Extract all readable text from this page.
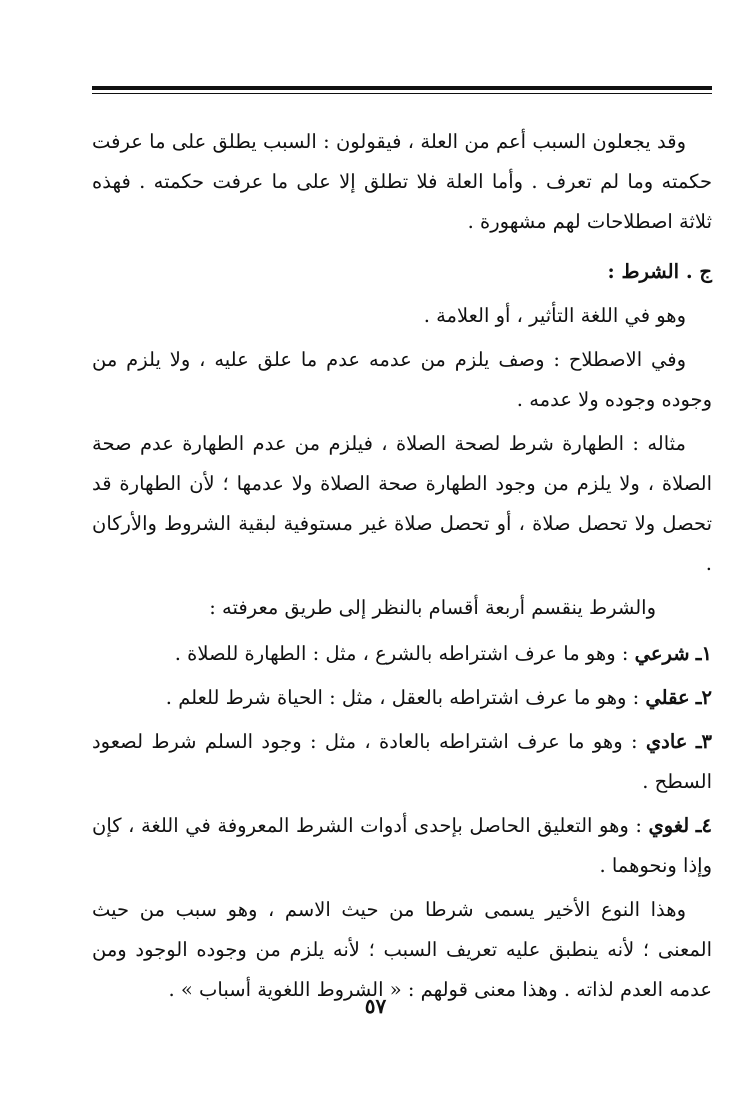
وقد يجعلون السبب أعم من العلة ، فيقولون : السبب يطلق على ما عرفت حكمته وما لم تعرف . وأما العلة فلا تطلق إلا على ما عرفت حكمته . فهذه ثلاثة اصطلاحات لهم مشهورة .

ج . الشرط :

وهو في اللغة التأثير ، أو العلامة .

وفي الاصطلاح : وصف يلزم من عدمه عدم ما علق عليه ، ولا يلزم من وجوده وجوده ولا عدمه .

مثاله : الطهارة شرط لصحة الصلاة ، فيلزم من عدم الطهارة عدم صحة الصلاة ، ولا يلزم من وجود الطهارة صحة الصلاة ولا عدمها ؛ لأن الطهارة قد تحصل ولا تحصل صلاة ، أو تحصل صلاة غير مستوفية لبقية الشروط والأركان .

والشرط ينقسم أربعة أقسام بالنظر إلى طريق معرفته :

١ـ شرعي : وهو ما عرف اشتراطه بالشرع ، مثل : الطهارة للصلاة .

٢ـ عقلي : وهو ما عرف اشتراطه بالعقل ، مثل : الحياة شرط للعلم .

٣ـ عادي : وهو ما عرف اشتراطه بالعادة ، مثل : وجود السلم شرط لصعود السطح .

٤ـ لغوي : وهو التعليق الحاصل بإحدى أدوات الشرط المعروفة في اللغة ، كإن وإذا ونحوهما .

وهذا النوع الأخير يسمى شرطا من حيث الاسم ، وهو سبب من حيث المعنى ؛ لأنه ينطبق عليه تعريف السبب ؛ لأنه يلزم من وجوده الوجود ومن عدمه العدم لذاته . وهذا معنى قولهم : « الشروط اللغوية أسباب » .

٥٧
